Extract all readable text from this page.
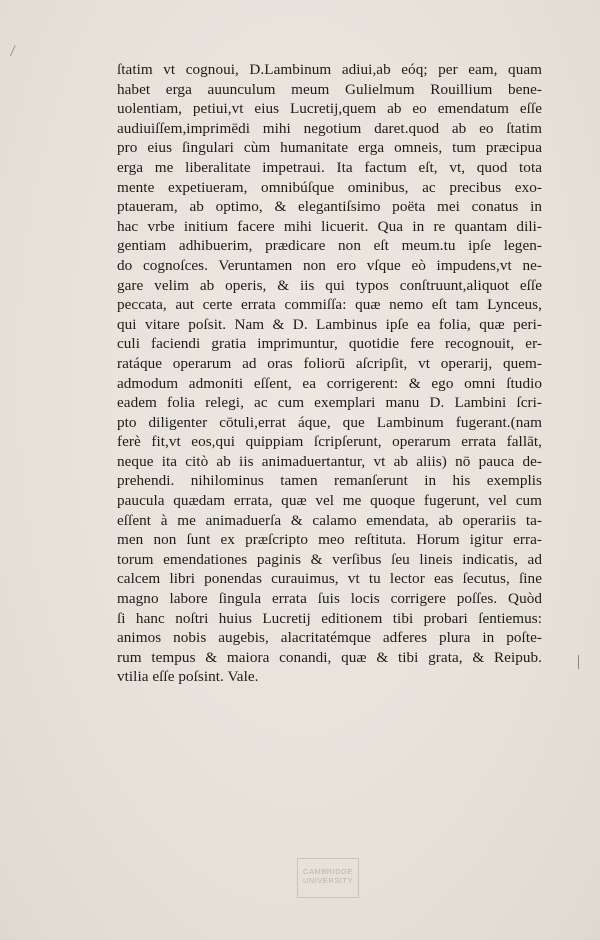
ſtatim vt cognoui, D.Lambinum adiui,ab eóq; per eam, quam
habet erga auunculum meum Gulielmum Rouillium bene-
uolentiam, petiui,vt eius Lucretij,quem ab eo emendatum eſſe
audiuiſſem,imprimēdi mihi negotium daret.quod ab eo ſtatim
pro eius ſingulari cùm humanitate erga omneis, tum præcipua
erga me liberalitate impetraui. Ita factum eſt, vt, quod tota
mente expetiueram, omnibúſque ominibus, ac precibus exo-
ptaueram, ab optimo, & elegantiſsimo poëta mei conatus in
hac vrbe initium facere mihi licuerit. Qua in re quantam dili-
gentiam adhibuerim, prædicare non eſt meum.tu ipſe legen-
do cognoſces. Veruntamen non ero vſque eò impudens,vt ne-
gare velim ab operis, & iis qui typos conſtruunt,aliquot eſſe
peccata, aut certe errata commiſſa: quæ nemo eſt tam Lynceus,
qui vitare poſsit. Nam & D. Lambinus ipſe ea folia, quæ peri-
culi faciendi gratia imprimuntur, quotidie fere recognouit, er-
ratáque operarum ad oras foliorū aſcripſit, vt operarij, quem-
admodum admoniti eſſent, ea corrigerent: & ego omni ſtudio
eadem folia relegi, ac cum exemplari manu D. Lambini ſcri-
pto diligenter cōtuli,errat áque, que Lambinum fugerant.(nam
ferè fit,vt eos,qui quippiam ſcripſerunt, operarum errata fallāt,
neque ita citò ab iis animaduertantur, vt ab aliis) nō pauca de-
prehendi. nihilominus tamen remanſerunt in his exemplis
paucula quædam errata, quæ vel me quoque fugerunt, vel cum
eſſent à me animaduerſa & calamo emendata, ab operariis ta-
men non ſunt ex præſcripto meo reſtituta. Horum igitur erra-
torum emendationes paginis & verſibus ſeu lineis indicatis, ad
calcem libri ponendas curauimus, vt tu lector eas ſecutus, ſine
magno labore ſingula errata ſuis locis corrigere poſſes. Quòd
ſi hanc noſtri huius Lucretij editionem tibi probari ſentiemus:
animos nobis augebis, alacritatémque adferes plura in poſte-
rum tempus & maiora conandi, quæ & tibi grata, & Reipub.
vtilia eſſe poſsint. Vale.
CAMBRIDGE UNIVERSITY
